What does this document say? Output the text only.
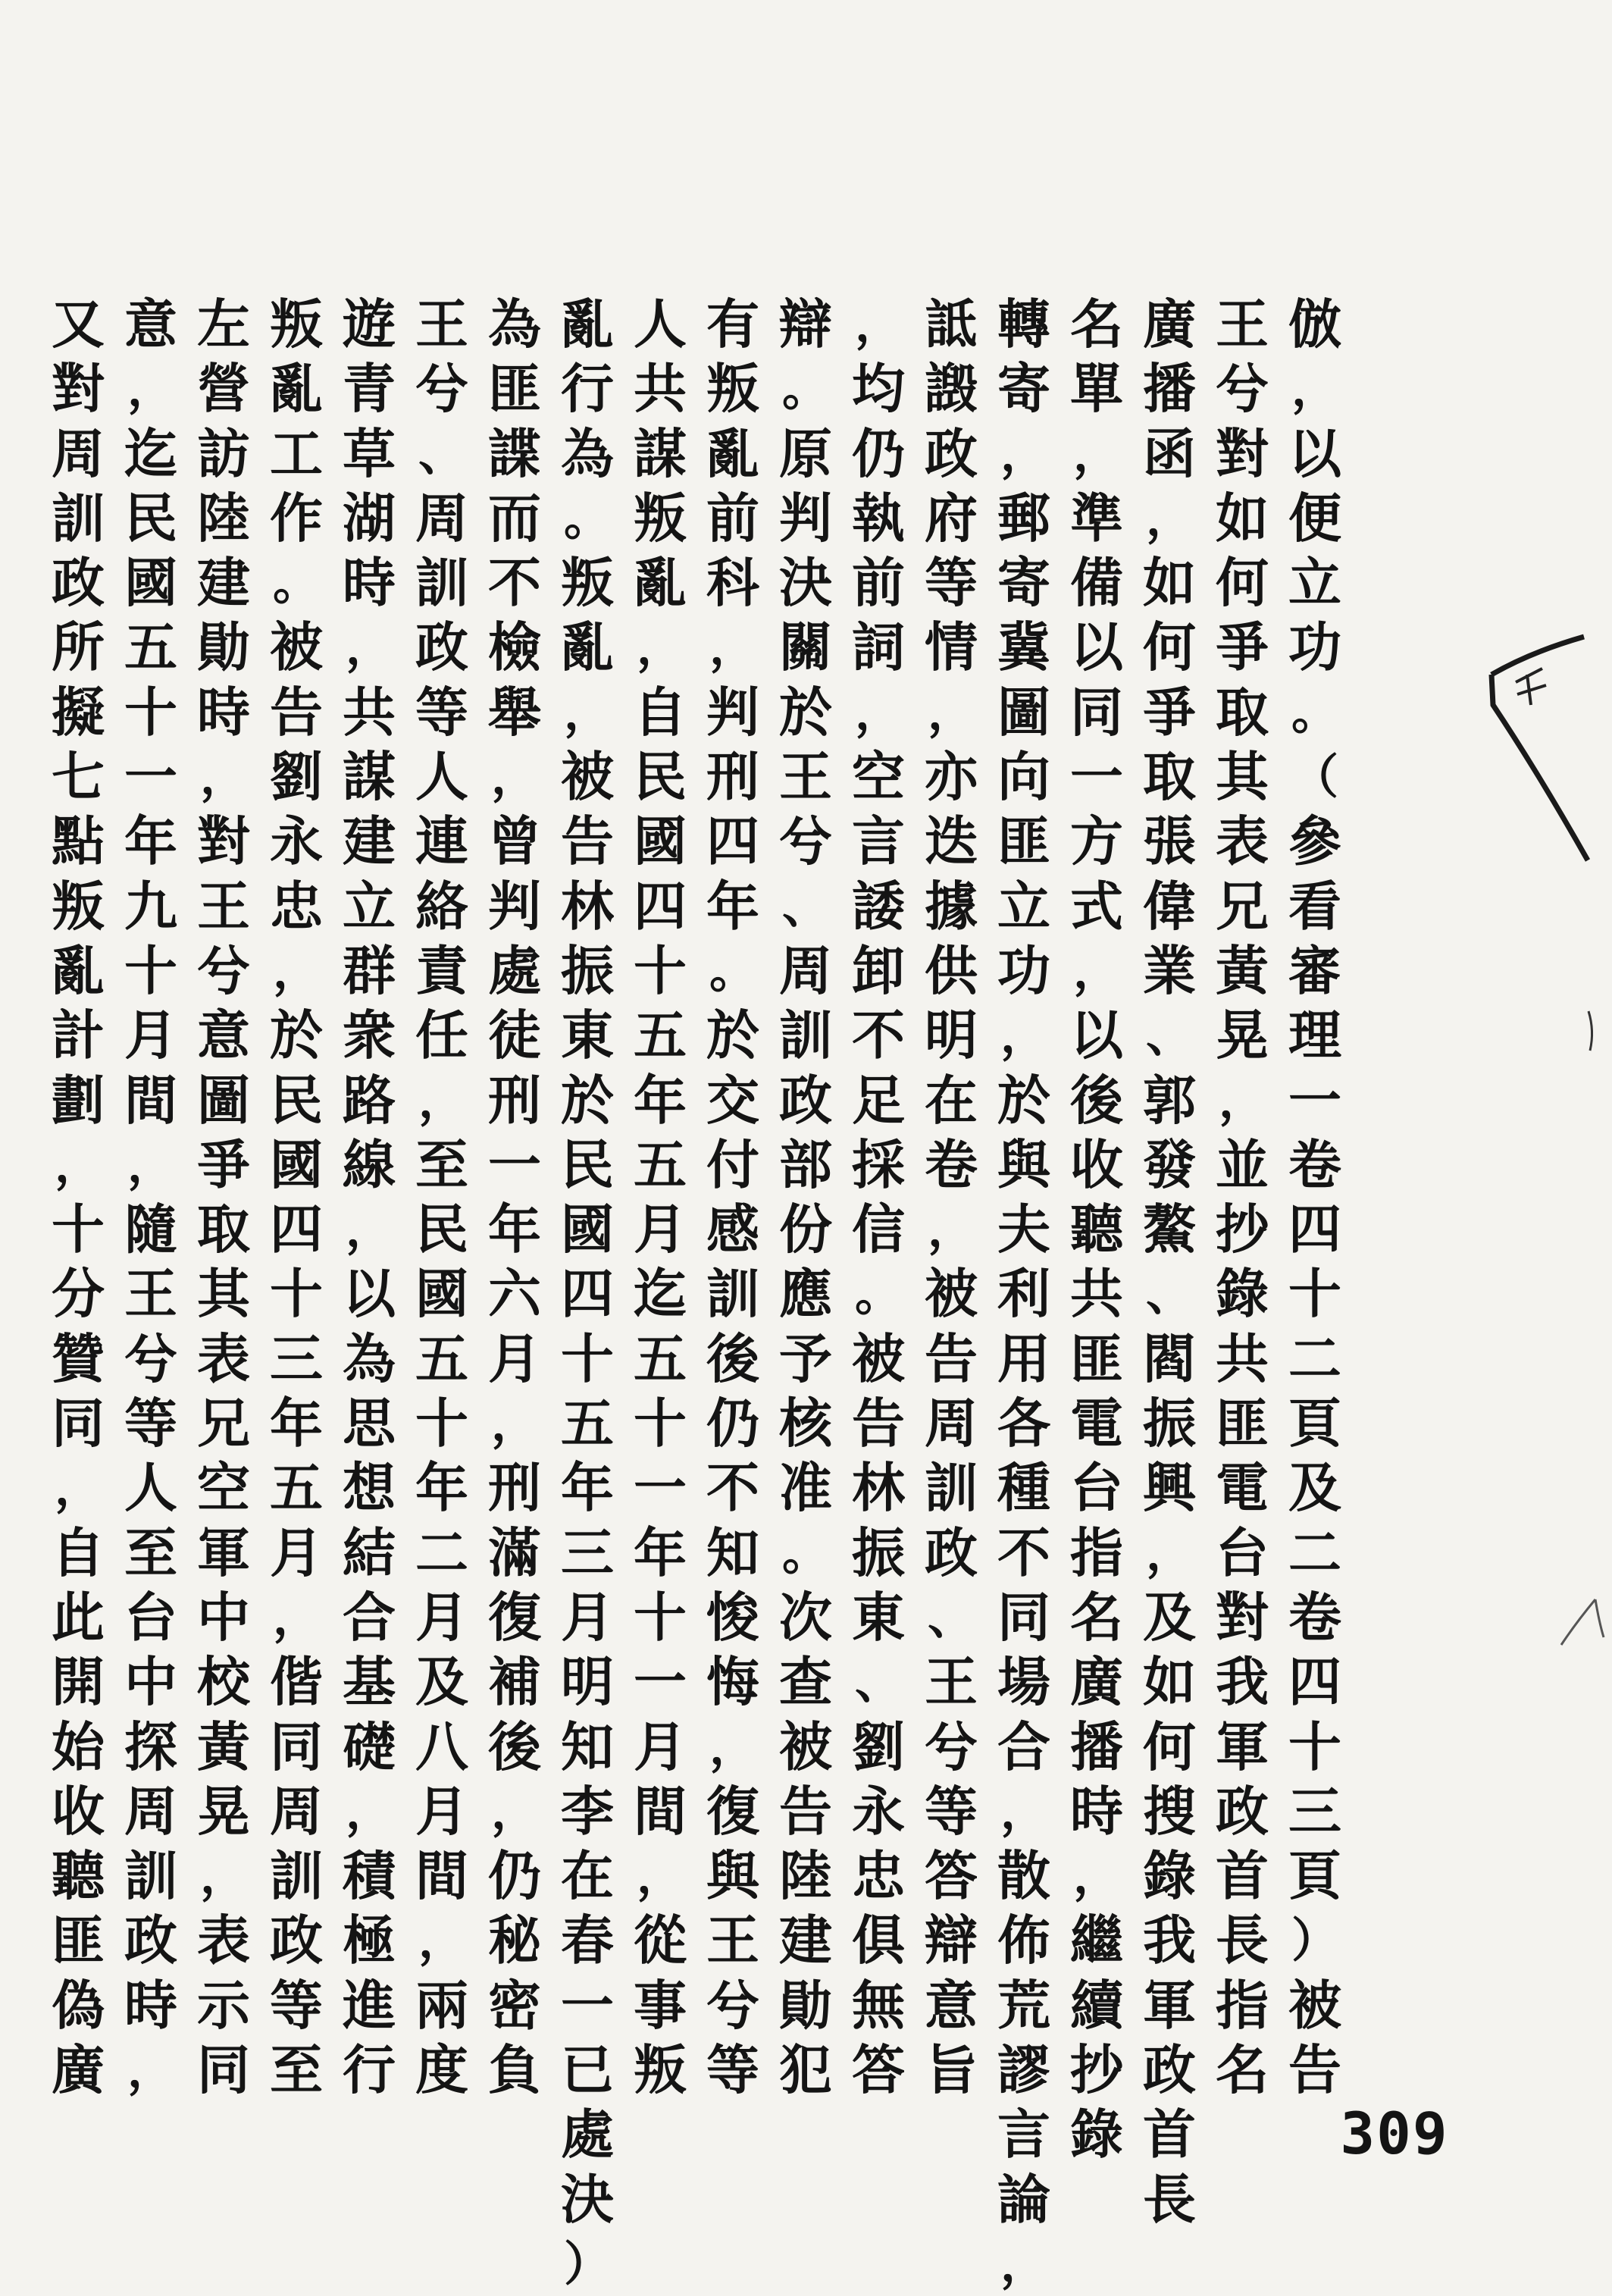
倣
，
以
便
立
功
。
（
參
看
審
理
一
卷
四
十
二
頁
及
二
卷
四
十
三
頁
）
被
告
王
兮
對
如
何
爭
取
其
表
兄
黃
晃
，
並
抄
錄
共
匪
電
台
對
我
軍
政
首
長
指
名
廣
播
函
，
如
何
爭
取
張
偉
業
、
郭
發
鰲
、
閻
振
興
，
及
如
何
搜
錄
我
軍
政
首
長
名
單
，
準
備
以
同
一
方
式
，
以
後
收
聽
共
匪
電
台
指
名
廣
播
時
，
繼
續
抄
錄
轉
寄
，
郵
寄
冀
圖
向
匪
立
功
，
於
與
夫
利
用
各
種
不
同
場
合
，
散
佈
荒
謬
言
論
，
詆
譭
政
府
等
情
，
亦
迭
據
供
明
在
卷
，
被
告
周
訓
政
、
王
兮
等
答
辯
意
旨
，
均
仍
執
前
詞
，
空
言
諉
卸
不
足
採
信
。
被
告
林
振
東
、
劉
永
忠
俱
無
答
辯
。
原
判
決
關
於
王
兮
、
周
訓
政
部
份
應
予
核
准
。
次
查
被
告
陸
建
勛
犯
有
叛
亂
前
科
，
判
刑
四
年
。
於
交
付
感
訓
後
仍
不
知
悛
悔
，
復
與
王
兮
等
人
共
謀
叛
亂
，
自
民
國
四
十
五
年
五
月
迄
五
十
一
年
十
一
月
間
，
從
事
叛
亂
行
為
。
叛
亂
，
被
告
林
振
東
於
民
國
四
十
五
年
三
月
明
知
李
在
春
一
已
處
決
）
為
匪
諜
而
不
檢
舉
，
曾
判
處
徒
刑
一
年
六
月
，
刑
滿
復
補
後
，
仍
秘
密
負
王
兮
、
周
訓
政
等
人
連
絡
責
任
，
至
民
國
五
十
年
二
月
及
八
月
間
，
兩
度
遊
青
草
湖
時
，
共
謀
建
立
群
衆
路
線
，
以
為
思
想
結
合
基
礎
，
積
極
進
行
叛
亂
工
作
。
被
告
劉
永
忠
，
於
民
國
四
十
三
年
五
月
，
偕
同
周
訓
政
等
至
左
營
訪
陸
建
勛
時
，
對
王
兮
意
圖
爭
取
其
表
兄
空
軍
中
校
黃
晃
，
表
示
同
意
，
迄
民
國
五
十
一
年
九
十
月
間
，
隨
王
兮
等
人
至
台
中
探
周
訓
政
時
，
又
對
周
訓
政
所
擬
七
點
叛
亂
計
劃
，
十
分
贊
同
，
自
此
開
始
收
聽
匪
偽
廣
309
